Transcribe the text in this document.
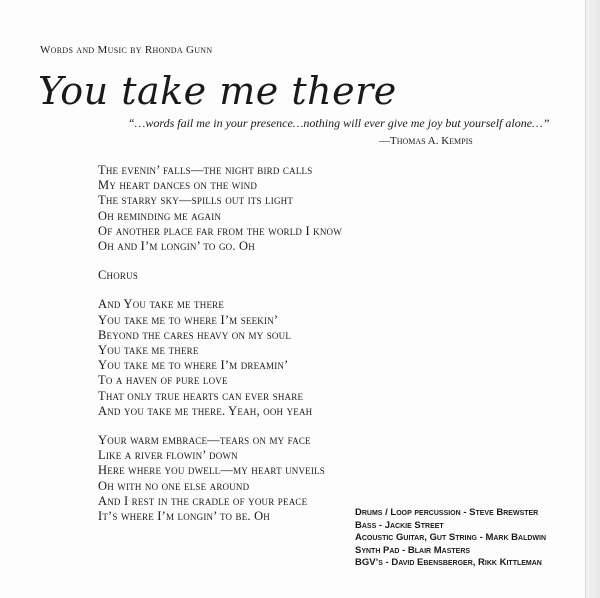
Words and Music by Rhonda Gunn
You take me there
“…words fail me in your presence…nothing will ever give me joy but yourself alone…”
—Thomas A. Kempis
The evenin’ falls—the night bird calls
My heart dances on the wind
The starry sky—spills out its light
Oh reminding me again
Of another place far from the world I know
Oh and I’m longin’ to go. Oh
Chorus
And You take me there
You take me to where I’m seekin’
Beyond the cares heavy on my soul
You take me there
You take me to where I’m dreamin’
To a haven of pure love
That only true hearts can ever share
And you take me there. Yeah, ooh yeah
Your warm embrace—tears on my face
Like a river flowin’ down
Here where you dwell—my heart unveils
Oh with no one else around
And I rest in the cradle of your peace
It’s where I’m longin’ to be. Oh	Drums / Loop percussion - Steve Brewster
Bass - Jackie Street
Acoustic Guitar, Gut String - Mark Baldwin
Synth Pad - Blair Masters
BGV’s - David Ebensberger, Rikk Kittleman
